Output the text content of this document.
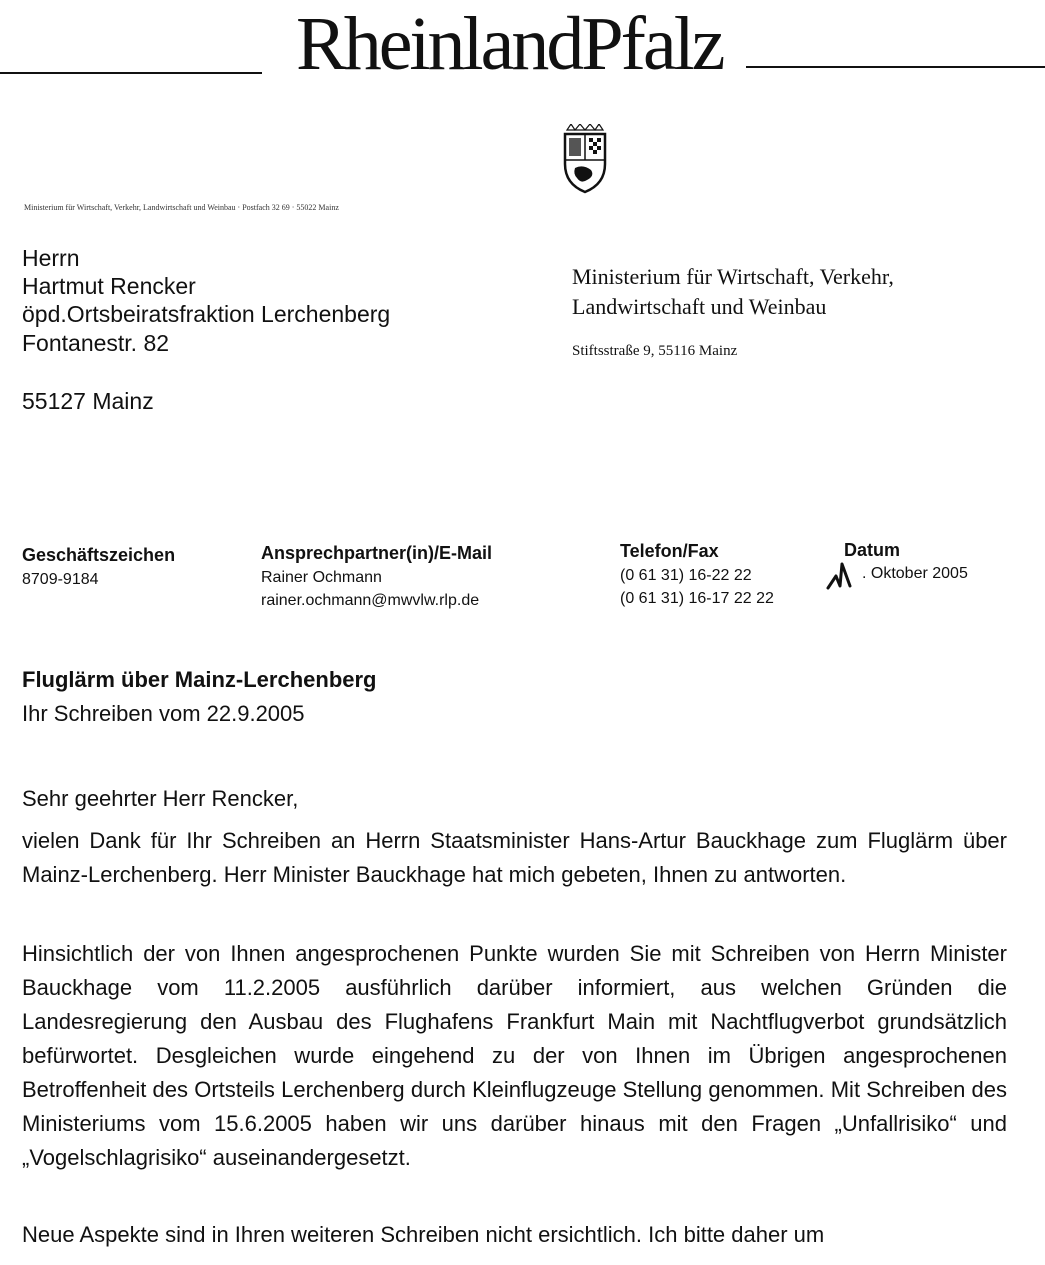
RheinlandPfalz
Ministerium für Wirtschaft, Verkehr, Landwirtschaft und Weinbau · Postfach 32 69 · 55022 Mainz
Herrn
Hartmut Rencker
öpd.Ortsbeiratsfraktion Lerchenberg
Fontanestr. 82
55127 Mainz
Ministerium für Wirtschaft, Verkehr,
Landwirtschaft und Weinbau
Stiftsstraße 9, 55116 Mainz
Geschäftszeichen
8709-9184
Ansprechpartner(in)/E-Mail
Rainer Ochmann
rainer.ochmann@mwvlw.rlp.de
Telefon/Fax
(0 61 31) 16-22 22
(0 61 31) 16-17 22 22
Datum
. Oktober 2005
Fluglärm über Mainz-Lerchenberg
Ihr Schreiben vom 22.9.2005
Sehr geehrter Herr Rencker,
vielen Dank für Ihr Schreiben an Herrn Staatsminister Hans-Artur Bauckhage zum Fluglärm über Mainz-Lerchenberg. Herr Minister Bauckhage hat mich gebeten, Ihnen zu antworten.
Hinsichtlich der von Ihnen angesprochenen Punkte wurden Sie mit Schreiben von Herrn Minister Bauckhage vom 11.2.2005 ausführlich darüber informiert, aus welchen Gründen die Landesregierung den Ausbau des Flughafens Frankfurt Main mit Nachtflugverbot grundsätzlich befürwortet. Desgleichen wurde eingehend zu der von Ihnen im Übrigen angesprochenen Betroffenheit des Ortsteils Lerchenberg durch Kleinflugzeuge Stellung genommen. Mit Schreiben des Ministeriums vom 15.6.2005 haben wir uns darüber hinaus mit den Fragen „Unfallrisiko“ und „Vogelschlagrisiko“ auseinandergesetzt.
Neue Aspekte sind in Ihren weiteren Schreiben nicht ersichtlich. Ich bitte daher um
